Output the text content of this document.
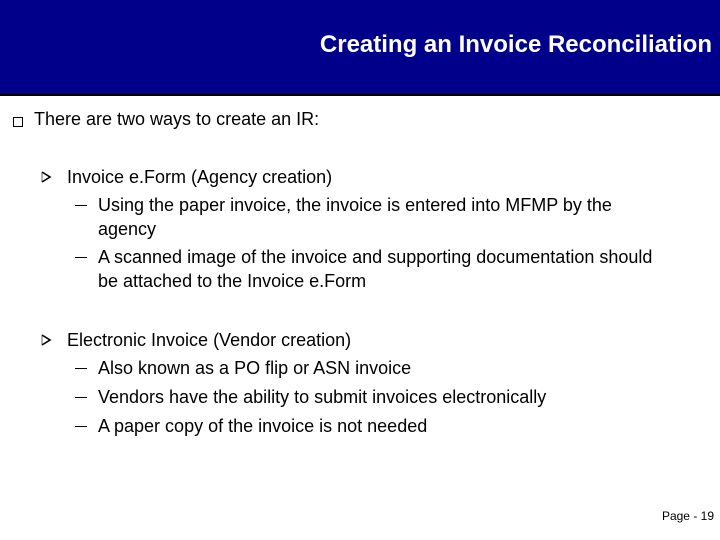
Creating an Invoice Reconciliation
There are two ways to create an IR:
Invoice e.Form (Agency creation)
Using the paper invoice, the invoice is entered into MFMP by the
agency
A scanned image of the invoice and supporting documentation should
be attached to the Invoice e.Form
Electronic Invoice (Vendor creation)
Also known as a PO flip or ASN invoice
Vendors have the ability to submit invoices electronically
A paper copy of the invoice is not needed
Page - 19
